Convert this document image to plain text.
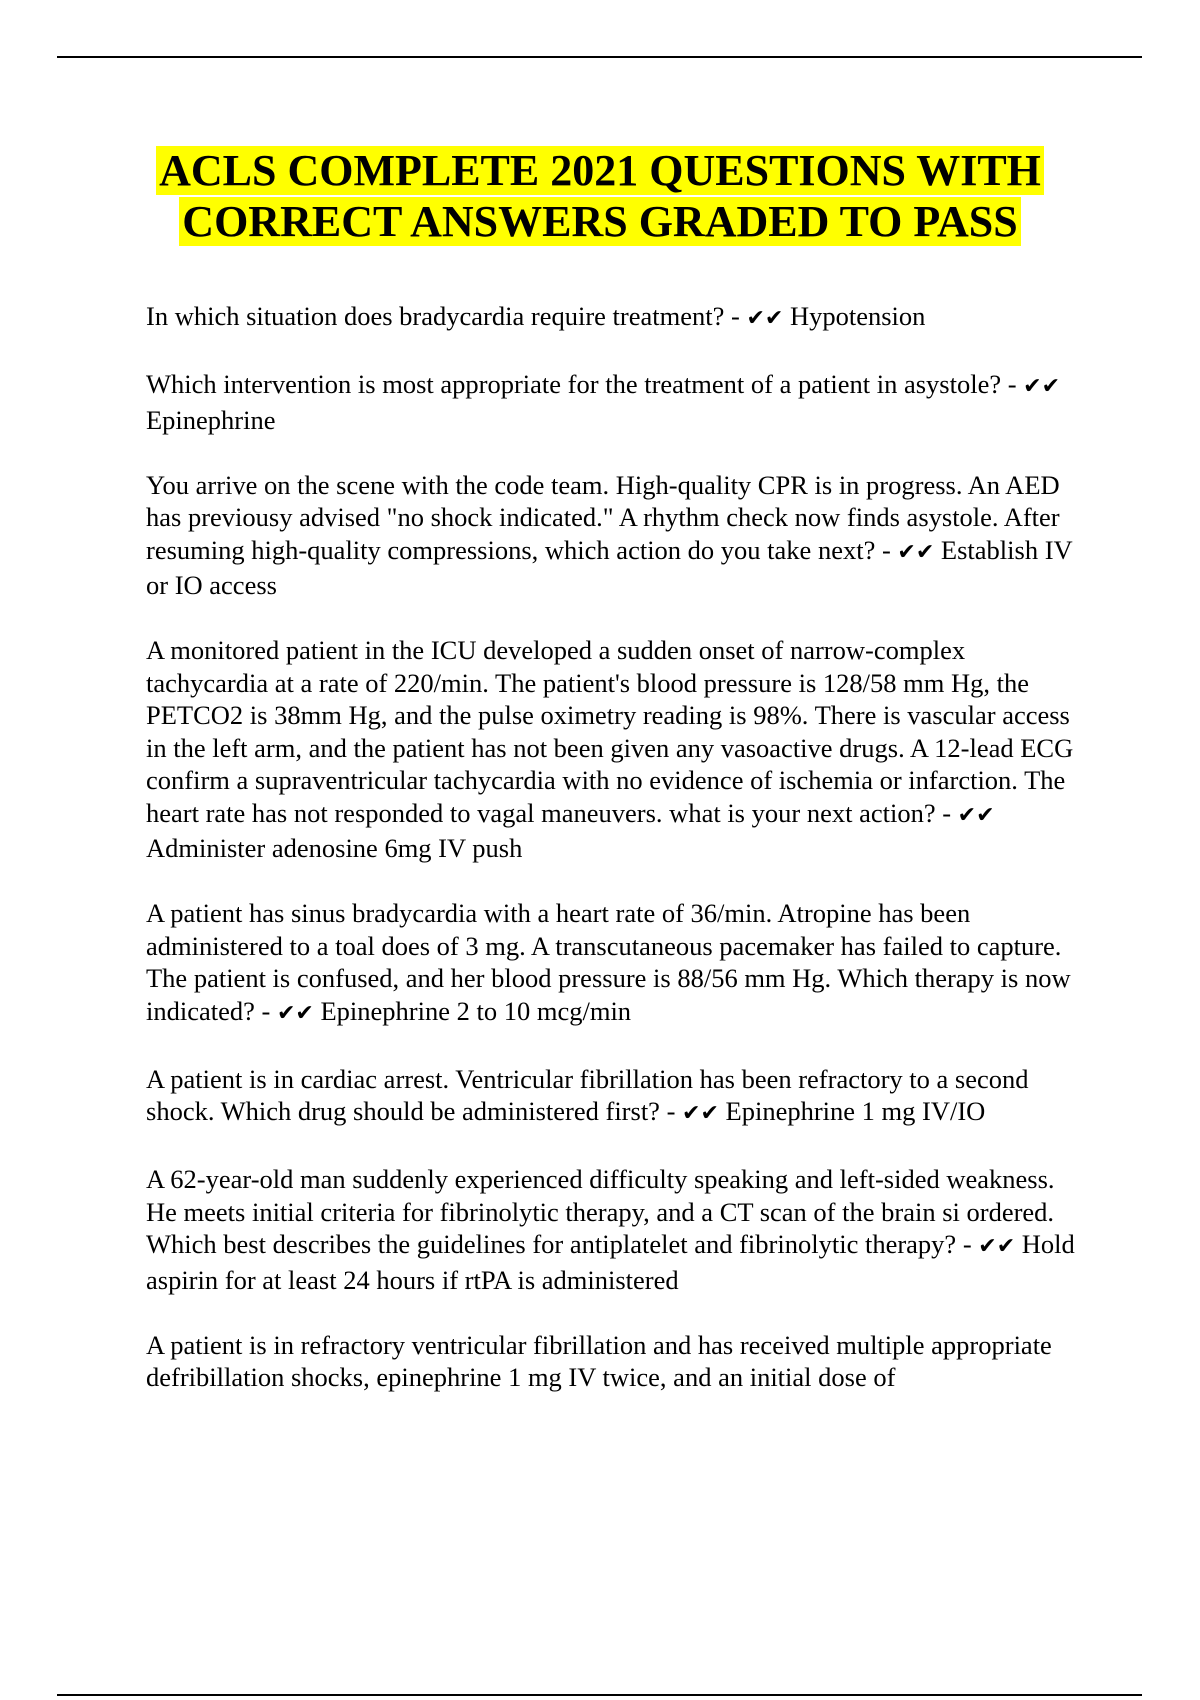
ACLS COMPLETE 2021 QUESTIONS WITH
CORRECT ANSWERS GRADED TO PASS

In which situation does bradycardia require treatment? - ✔✔ Hypotension

Which intervention is most appropriate for the treatment of a patient in asystole? - ✔✔ Epinephrine

You arrive on the scene with the code team. High-quality CPR is in progress. An AED has previousy advised "no shock indicated." A rhythm check now finds asystole. After resuming high-quality compressions, which action do you take next? - ✔✔ Establish IV or IO access

A monitored patient in the ICU developed a sudden onset of narrow-complex tachycardia at a rate of 220/min. The patient's blood pressure is 128/58 mm Hg, the PETCO2 is 38mm Hg, and the pulse oximetry reading is 98%. There is vascular access in the left arm, and the patient has not been given any vasoactive drugs. A 12-lead ECG confirm a supraventricular tachycardia with no evidence of ischemia or infarction. The heart rate has not responded to vagal maneuvers. what is your next action? - ✔✔ Administer adenosine 6mg IV push

A patient has sinus bradycardia with a heart rate of 36/min. Atropine has been administered to a toal does of 3 mg. A transcutaneous pacemaker has failed to capture. The patient is confused, and her blood pressure is 88/56 mm Hg. Which therapy is now indicated? - ✔✔ Epinephrine 2 to 10 mcg/min

A patient is in cardiac arrest. Ventricular fibrillation has been refractory to a second shock. Which drug should be administered first? - ✔✔ Epinephrine 1 mg IV/IO

A 62-year-old man suddenly experienced difficulty speaking and left-sided weakness. He meets initial criteria for fibrinolytic therapy, and a CT scan of the brain si ordered. Which best describes the guidelines for antiplatelet and fibrinolytic therapy? - ✔✔ Hold aspirin for at least 24 hours if rtPA is administered

A patient is in refractory ventricular fibrillation and has received multiple appropriate defribillation shocks, epinephrine 1 mg IV twice, and an initial dose of
